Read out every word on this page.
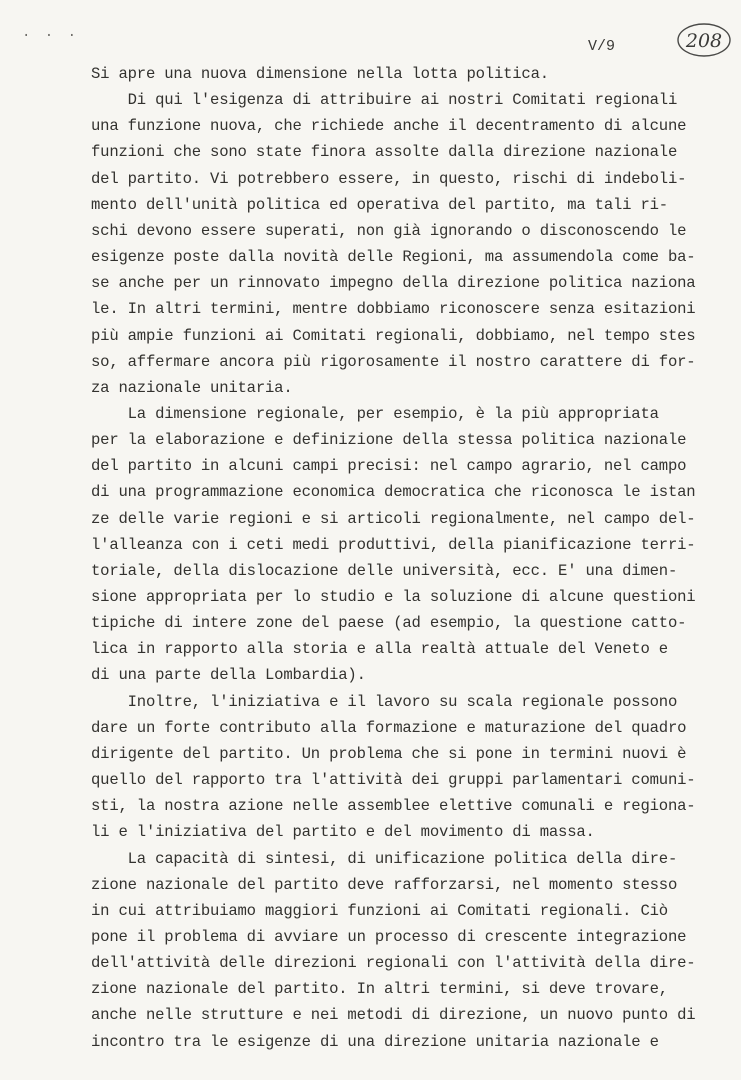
· · ·
V/9	208
Si apre una nuova dimensione nella lotta politica.
Di qui l'esigenza di attribuire ai nostri Comitati regionali
una funzione nuova, che richiede anche il decentramento di alcune
funzioni che sono state finora assolte dalla direzione nazionale
del partito. Vi potrebbero essere, in questo, rischi di indeboli-
mento dell'unità politica ed operativa del partito, ma tali ri-
schi devono essere superati, non già ignorando o disconoscendo le
esigenze poste dalla novità delle Regioni, ma assumendola come ba-
se anche per un rinnovato impegno della direzione politica naziona
le. In altri termini, mentre dobbiamo riconoscere senza esitazioni
più ampie funzioni ai Comitati regionali, dobbiamo, nel tempo stes
so, affermare ancora più rigorosamente il nostro carattere di for-
za nazionale unitaria.
La dimensione regionale, per esempio, è la più appropriata
per la elaborazione e definizione della stessa politica nazionale
del partito in alcuni campi precisi: nel campo agrario, nel campo
di una programmazione economica democratica che riconosca le istan
ze delle varie regioni e si articoli regionalmente, nel campo del-
l'alleanza con i ceti medi produttivi, della pianificazione terri-
toriale, della dislocazione delle università, ecc. E' una dimen-
sione appropriata per lo studio e la soluzione di alcune questioni
tipiche di intere zone del paese (ad esempio, la questione catto-
lica in rapporto alla storia e alla realtà attuale del Veneto e
di una parte della Lombardia).
Inoltre, l'iniziativa e il lavoro su scala regionale possono
dare un forte contributo alla formazione e maturazione del quadro
dirigente del partito. Un problema che si pone in termini nuovi è
quello del rapporto tra l'attività dei gruppi parlamentari comuni-
sti, la nostra azione nelle assemblee elettive comunali e regiona-
li e l'iniziativa del partito e del movimento di massa.
La capacità di sintesi, di unificazione politica della dire-
zione nazionale del partito deve rafforzarsi, nel momento stesso
in cui attribuiamo maggiori funzioni ai Comitati regionali. Ciò
pone il problema di avviare un processo di crescente integrazione
dell'attività delle direzioni regionali con l'attività della dire-
zione nazionale del partito. In altri termini, si deve trovare,
anche nelle strutture e nei metodi di direzione, un nuovo punto di
incontro tra le esigenze di una direzione unitaria nazionale e
